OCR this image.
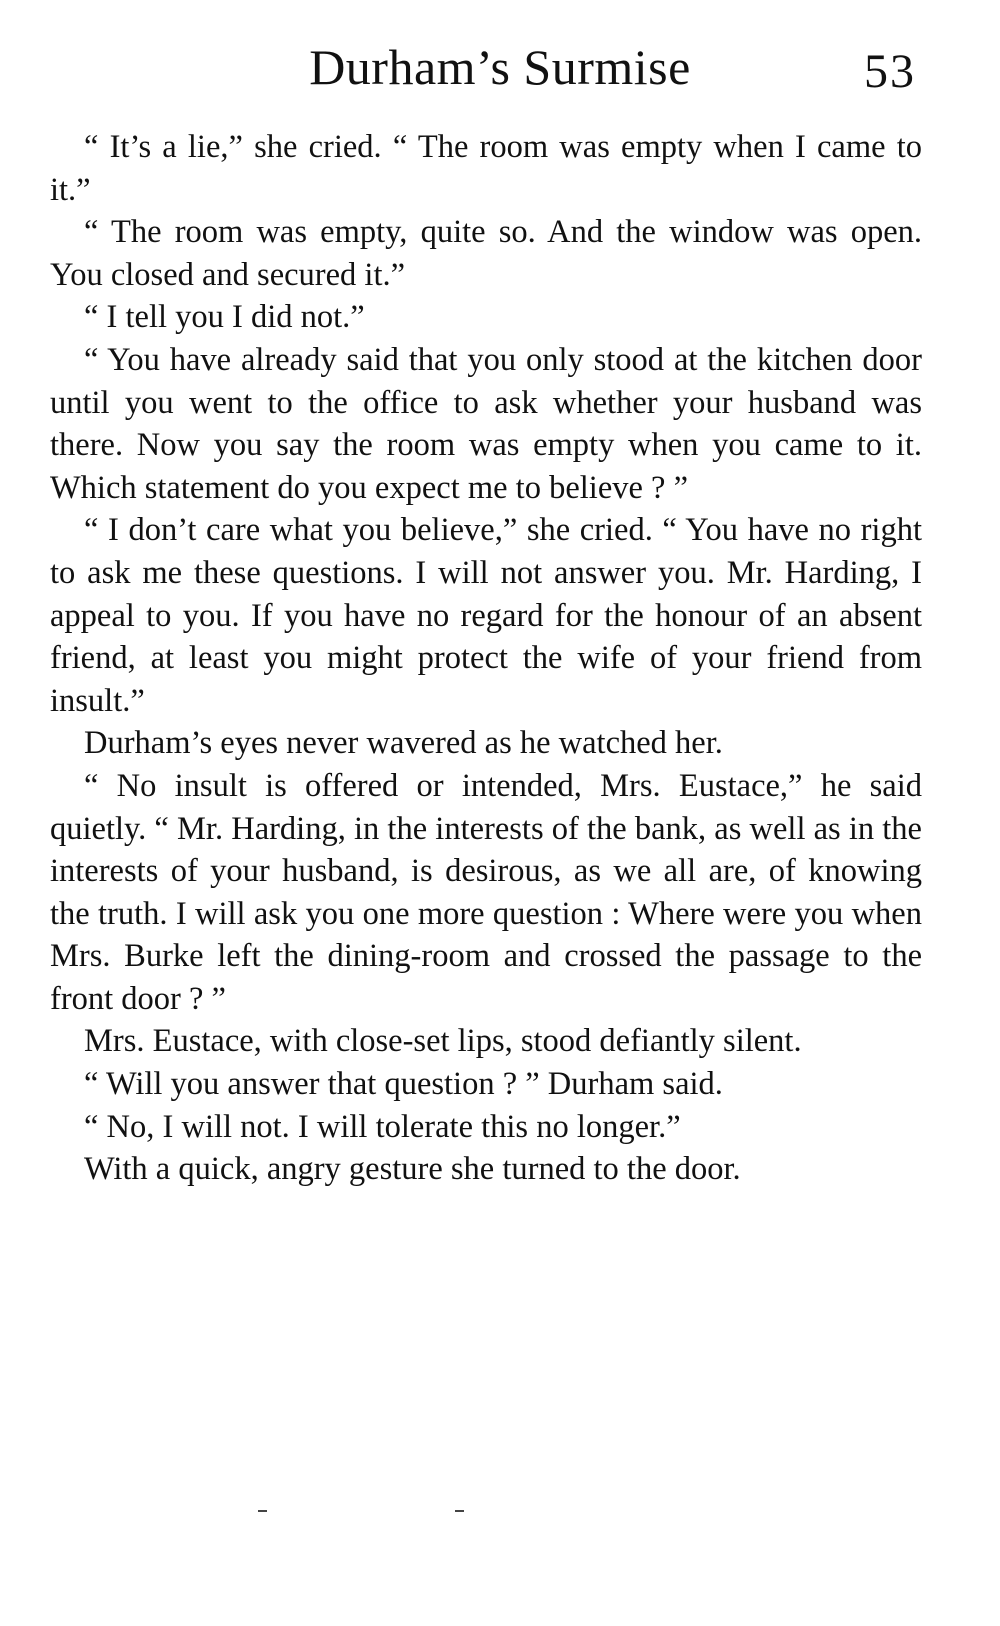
Durham’s Surmise	53

“ It’s a lie,” she cried. “ The room was empty when I came to it.”

“ The room was empty, quite so. And the window was open. You closed and secured it.”

“ I tell you I did not.”

“ You have already said that you only stood at the kitchen door until you went to the office to ask whether your husband was there. Now you say the room was empty when you came to it. Which statement do you expect me to believe ? ”

“ I don’t care what you believe,” she cried. “ You have no right to ask me these questions. I will not answer you. Mr. Harding, I appeal to you. If you have no regard for the honour of an absent friend, at least you might protect the wife of your friend from insult.”

Durham’s eyes never wavered as he watched her.

“ No insult is offered or intended, Mrs. Eustace,” he said quietly. “ Mr. Harding, in the interests of the bank, as well as in the interests of your husband, is desirous, as we all are, of knowing the truth. I will ask you one more question : Where were you when Mrs. Burke left the dining-room and crossed the passage to the front door ? ”

Mrs. Eustace, with close-set lips, stood defiantly silent.

“ Will you answer that question ? ” Durham said.

“ No, I will not. I will tolerate this no longer.”

With a quick, angry gesture she turned to the door.
